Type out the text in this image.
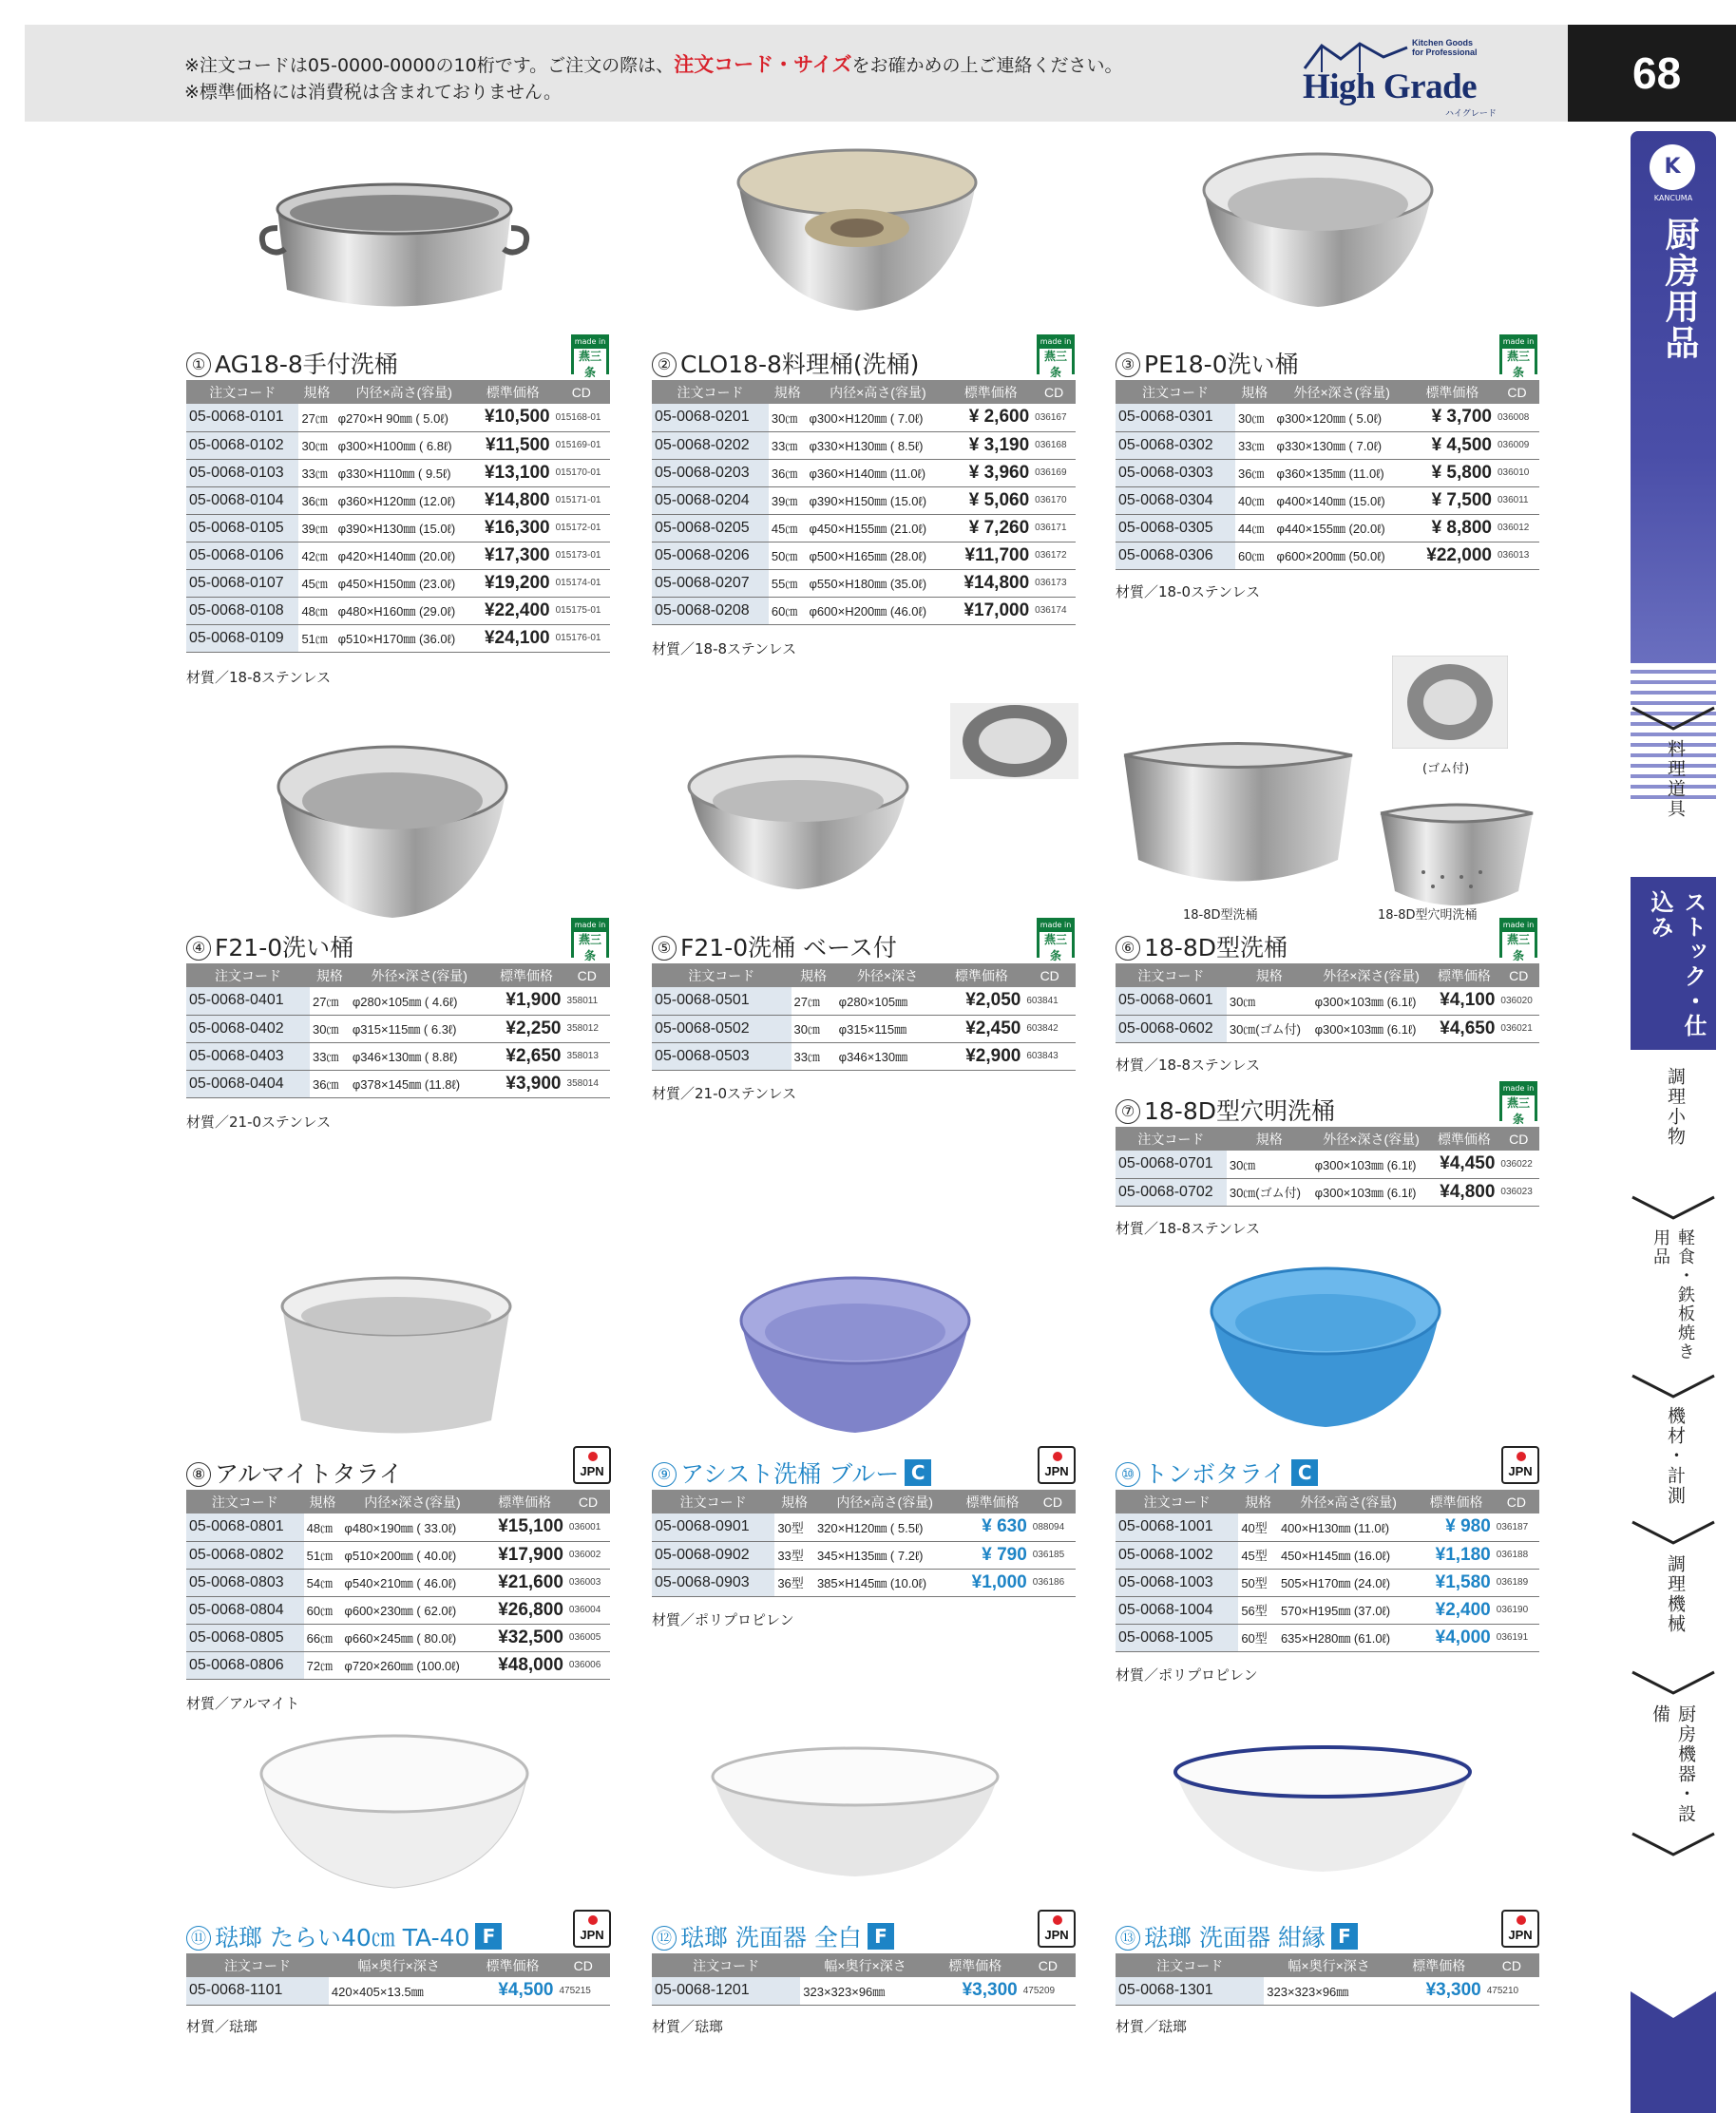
※注文コードは05-0000-0000の10桁です。ご注文の際は、注文コード・サイズをお確かめの上ご連絡ください。
※標準価格には消費税は含まれておりません。
Kitchen Goods
for Professional
High Grade
ハイグレード
68
K
KANCUMA
厨房用品
料理道具
ストック・仕込み
調理小物
軽食・鉄板焼き用品
機材・計測
調理機械
厨房機器・設備
(ゴム付)
18-8D型洗桶	18-8D型穴明洗桶
made in
燕三条
made in
燕三条
made in
燕三条
made in
燕三条
made in
燕三条
made in
燕三条
made in
燕三条
JPN	JPN	JPN
JPN	JPN	JPN
① AG18-8手付洗桶	② CLO18-8料理桶(洗桶)	③ PE18-0洗い桶
④ F21-0洗い桶	⑤ F21-0洗桶 ベース付	⑥ 18-8D型洗桶
⑦ 18-8D型穴明洗桶
⑧ アルマイトタライ	⑨ アシスト洗桶 ブルー C	⑩ トンボタライ C
⑪ 琺瑯 たらい40㎝ TA-40 F	⑫ 琺瑯 洗面器 全白 F	⑬ 琺瑯 洗面器 紺縁 F
注文コード	規格	内径×高さ(容量)	標準価格	CD
05-0068-0101	27㎝	φ270×H 90㎜ ( 5.0ℓ)	¥10,500	015168-01
05-0068-0102	30㎝	φ300×H100㎜ ( 6.8ℓ)	¥11,500	015169-01
05-0068-0103	33㎝	φ330×H110㎜ ( 9.5ℓ)	¥13,100	015170-01
05-0068-0104	36㎝	φ360×H120㎜ (12.0ℓ)	¥14,800	015171-01
05-0068-0105	39㎝	φ390×H130㎜ (15.0ℓ)	¥16,300	015172-01
05-0068-0106	42㎝	φ420×H140㎜ (20.0ℓ)	¥17,300	015173-01
05-0068-0107	45㎝	φ450×H150㎜ (23.0ℓ)	¥19,200	015174-01
05-0068-0108	48㎝	φ480×H160㎜ (29.0ℓ)	¥22,400	015175-01
05-0068-0109	51㎝	φ510×H170㎜ (36.0ℓ)	¥24,100	015176-01
注文コード	規格	内径×高さ(容量)	標準価格	CD
05-0068-0201	30㎝	φ300×H120㎜ ( 7.0ℓ)	¥ 2,600	036167
05-0068-0202	33㎝	φ330×H130㎜ ( 8.5ℓ)	¥ 3,190	036168
05-0068-0203	36㎝	φ360×H140㎜ (11.0ℓ)	¥ 3,960	036169
05-0068-0204	39㎝	φ390×H150㎜ (15.0ℓ)	¥ 5,060	036170
05-0068-0205	45㎝	φ450×H155㎜ (21.0ℓ)	¥ 7,260	036171
05-0068-0206	50㎝	φ500×H165㎜ (28.0ℓ)	¥11,700	036172
05-0068-0207	55㎝	φ550×H180㎜ (35.0ℓ)	¥14,800	036173
05-0068-0208	60㎝	φ600×H200㎜ (46.0ℓ)	¥17,000	036174
注文コード	規格	外径×深さ(容量)	標準価格	CD
05-0068-0301	30㎝	φ300×120㎜ ( 5.0ℓ)	¥ 3,700	036008
05-0068-0302	33㎝	φ330×130㎜ ( 7.0ℓ)	¥ 4,500	036009
05-0068-0303	36㎝	φ360×135㎜ (11.0ℓ)	¥ 5,800	036010
05-0068-0304	40㎝	φ400×140㎜ (15.0ℓ)	¥ 7,500	036011
05-0068-0305	44㎝	φ440×155㎜ (20.0ℓ)	¥ 8,800	036012
05-0068-0306	60㎝	φ600×200㎜ (50.0ℓ)	¥22,000	036013
注文コード	規格	外径×深さ(容量)	標準価格	CD
05-0068-0401	27㎝	φ280×105㎜ ( 4.6ℓ)	¥1,900	358011
05-0068-0402	30㎝	φ315×115㎜ ( 6.3ℓ)	¥2,250	358012
05-0068-0403	33㎝	φ346×130㎜ ( 8.8ℓ)	¥2,650	358013
05-0068-0404	36㎝	φ378×145㎜ (11.8ℓ)	¥3,900	358014
注文コード	規格	外径×深さ	標準価格	CD
05-0068-0501	27㎝	φ280×105㎜	¥2,050	603841
05-0068-0502	30㎝	φ315×115㎜	¥2,450	603842
05-0068-0503	33㎝	φ346×130㎜	¥2,900	603843
注文コード	規格	外径×深さ(容量)	標準価格	CD
05-0068-0601	30㎝	φ300×103㎜ (6.1ℓ)	¥4,100	036020
05-0068-0602	30㎝(ゴム付)	φ300×103㎜ (6.1ℓ)	¥4,650	036021
注文コード	規格	外径×深さ(容量)	標準価格	CD
05-0068-0701	30㎝	φ300×103㎜ (6.1ℓ)	¥4,450	036022
05-0068-0702	30㎝(ゴム付)	φ300×103㎜ (6.1ℓ)	¥4,800	036023
注文コード	規格	内径×深さ(容量)	標準価格	CD
05-0068-0801	48㎝	φ480×190㎜ ( 33.0ℓ)	¥15,100	036001
05-0068-0802	51㎝	φ510×200㎜ ( 40.0ℓ)	¥17,900	036002
05-0068-0803	54㎝	φ540×210㎜ ( 46.0ℓ)	¥21,600	036003
05-0068-0804	60㎝	φ600×230㎜ ( 62.0ℓ)	¥26,800	036004
05-0068-0805	66㎝	φ660×245㎜ ( 80.0ℓ)	¥32,500	036005
05-0068-0806	72㎝	φ720×260㎜ (100.0ℓ)	¥48,000	036006
注文コード	規格	内径×高さ(容量)	標準価格	CD
05-0068-0901	30型	320×H120㎜ ( 5.5ℓ)	¥ 630	088094
05-0068-0902	33型	345×H135㎜ ( 7.2ℓ)	¥ 790	036185
05-0068-0903	36型	385×H145㎜ (10.0ℓ)	¥1,000	036186
注文コード	規格	外径×高さ(容量)	標準価格	CD
05-0068-1001	40型	400×H130㎜ (11.0ℓ)	¥ 980	036187
05-0068-1002	45型	450×H145㎜ (16.0ℓ)	¥1,180	036188
05-0068-1003	50型	505×H170㎜ (24.0ℓ)	¥1,580	036189
05-0068-1004	56型	570×H195㎜ (37.0ℓ)	¥2,400	036190
05-0068-1005	60型	635×H280㎜ (61.0ℓ)	¥4,000	036191
注文コード	幅×奥行×深さ	標準価格	CD
05-0068-1101	420×405×13.5㎜	¥4,500	475215
注文コード	幅×奥行×深さ	標準価格	CD
05-0068-1201	323×323×96㎜	¥3,300	475209
注文コード	幅×奥行×深さ	標準価格	CD
05-0068-1301	323×323×96㎜	¥3,300	475210
材質／18-8ステンレス
材質／18-8ステンレス
材質／18-0ステンレス
材質／21-0ステンレス
材質／21-0ステンレス
材質／18-8ステンレス
材質／18-8ステンレス
材質／アルマイト
材質／ポリプロピレン
材質／ポリプロピレン
材質／琺瑯	材質／琺瑯	材質／琺瑯
